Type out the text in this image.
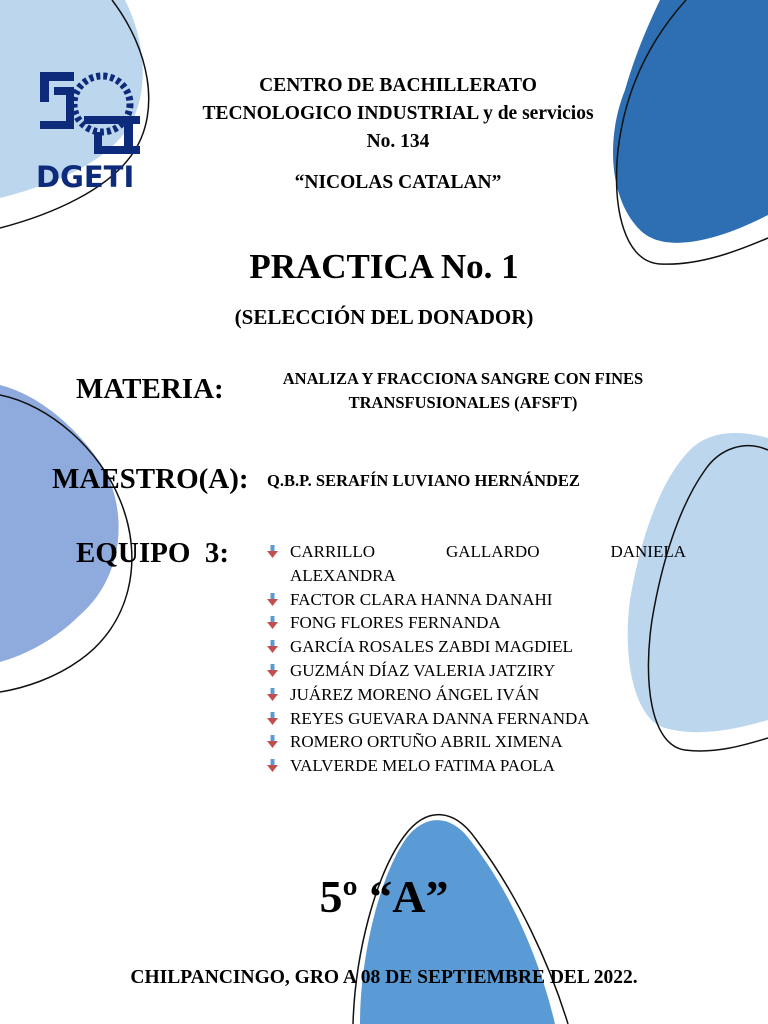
DGETI
CENTRO DE BACHILLERATO
TECNOLOGICO INDUSTRIAL y de servicios
No. 134
“NICOLAS CATALAN”
PRACTICA No. 1
(SELECCIÓN DEL DONADOR)
MATERIA:	ANALIZA Y FRACCIONA SANGRE CON FINES
TRANSFUSIONALES (AFSFT)
MAESTRO(A): Q.B.P. SERAFÍN LUVIANO HERNÁNDEZ
EQUIPO  3:	CARRILLO GALLARDO DANIELA
ALEXANDRA
FACTOR CLARA HANNA DANAHI
FONG FLORES FERNANDA
GARCÍA ROSALES ZABDI MAGDIEL
GUZMÁN DÍAZ VALERIA JATZIRY
JUÁREZ MORENO ÁNGEL IVÁN
REYES GUEVARA DANNA FERNANDA
ROMERO ORTUÑO ABRIL XIMENA
VALVERDE MELO FATIMA PAOLA
5º “A”
CHILPANCINGO, GRO A 08 DE SEPTIEMBRE DEL 2022.
